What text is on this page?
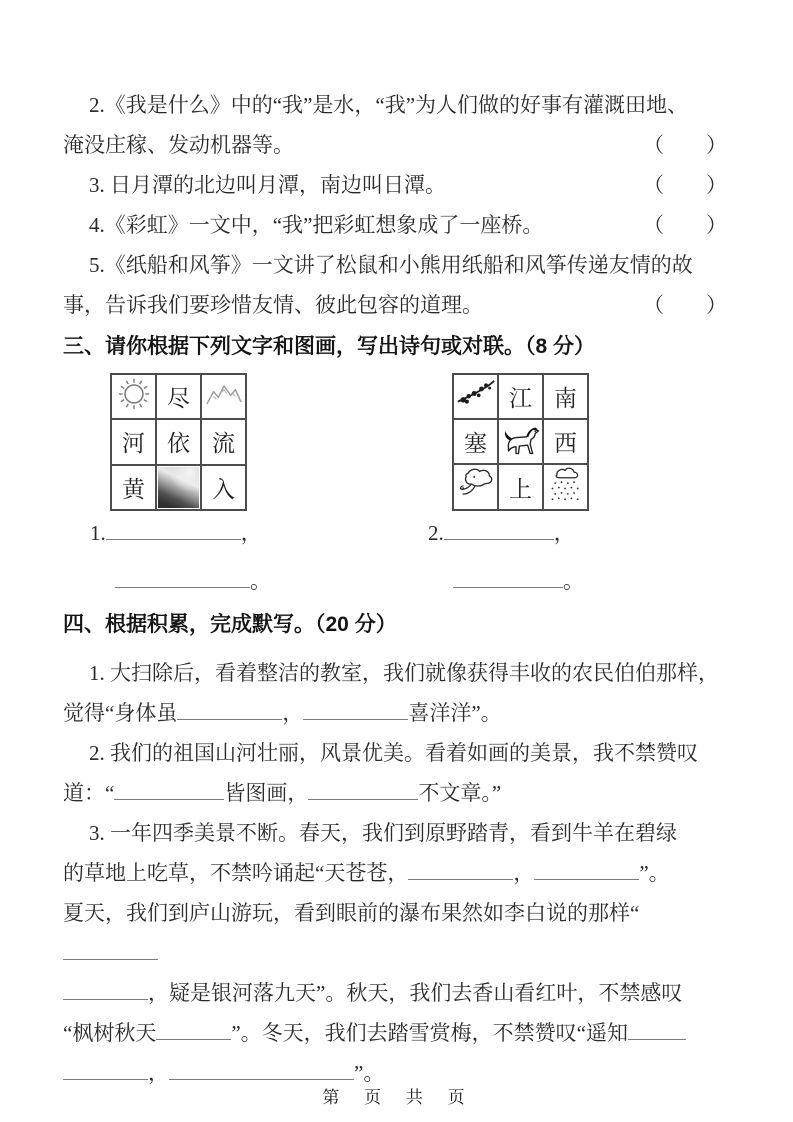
2.《我是什么》中的“我”是水，“我”为人们做的好事有灌溉田地、
淹没庄稼、发动机器等。	（　　）
3. 日月潭的北边叫月潭，南边叫日潭。	（　　）
4.《彩虹》一文中，“我”把彩虹想象成了一座桥。	（　　）
5.《纸船和风筝》一文讲了松鼠和小熊用纸船和风筝传递友情的故
事，告诉我们要珍惜友情、彼此包容的道理。	（　　）
三、请你根据下列文字和图画，写出诗句或对联。（8 分）
	尽	

河	依	流
黄		入
	江	南
塞		西

	上	
1.	，
。
2.	，
。
四、根据积累，完成默写。（20 分）
1. 大扫除后，看着整洁的教室，我们就像获得丰收的农民伯伯那样，
觉得“身体虽	，	喜洋洋”。
2. 我们的祖国山河壮丽，风景优美。看着如画的美景，我不禁赞叹
道：“	皆图画，	不文章。”
3. 一年四季美景不断。春天，我们到原野踏青，看到牛羊在碧绿
的草地上吃草，不禁吟诵起“天苍苍，	，	”。
夏天，我们到庐山游玩，看到眼前的瀑布果然如李白说的那样“
，疑是银河落九天”。秋天，我们去香山看红叶，不禁感叹
“枫树秋天	”。冬天，我们去踏雪赏梅，不禁赞叹“遥知
，	”。
第 页 共 页
